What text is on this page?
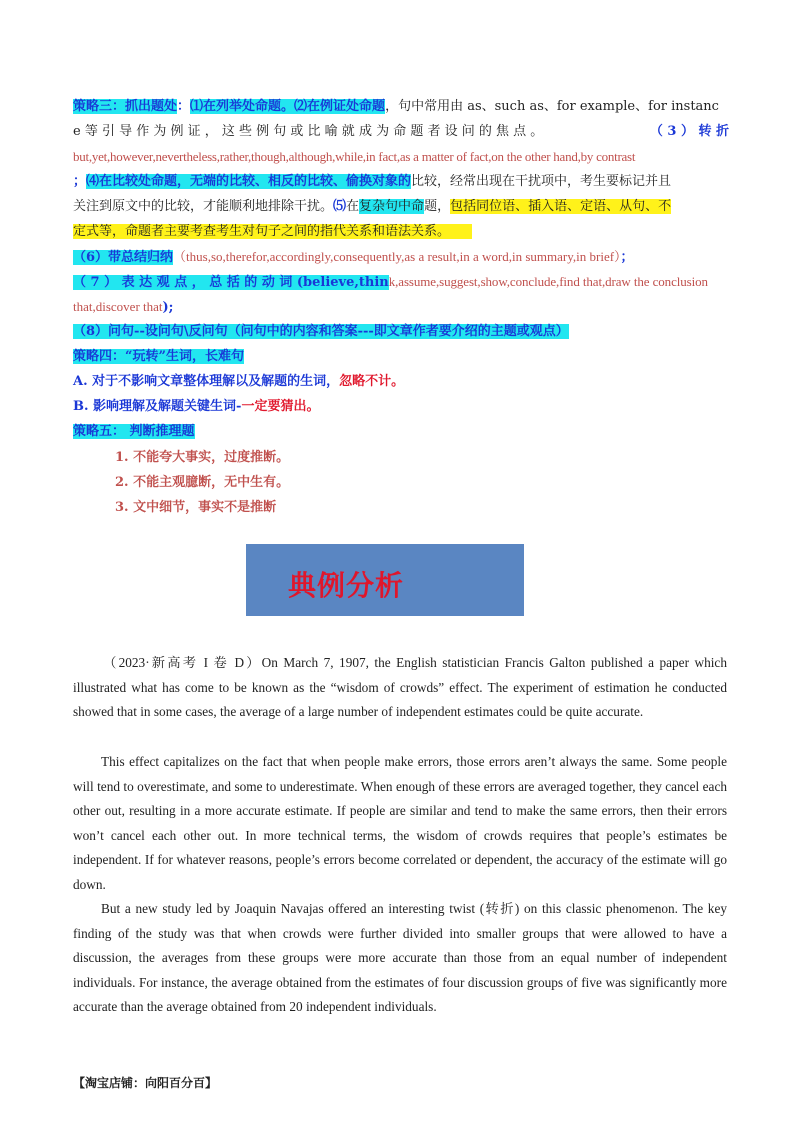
策略三：抓出题处：⑴在列举处命题。⑵在例证处命题，句中常用由 as、such as、for example、for instanc
e 等 引 导 作 为 例 证 ， 这 些 例 句 或 比 喻 就 成 为 命 题 者 设 问 的 焦 点 。	（ 3 ） 转 折
but,yet,however,nevertheless,rather,though,although,while,in fact,as a matter of fact,on the other hand,by contrast
；⑷在比较处命题，无端的比较、相反的比较、偷换对象的比较，经常出现在干扰项中，考生要标记并且
关注到原文中的比较，才能顺利地排除干扰。⑸在复杂句中命题，包括同位语、插入语、定语、从句、不
定式等，命题者主要考查考生对句子之间的指代关系和语法关系。
（6）带总结归纳（thus,so,therefor,accordingly,consequently,as a result,in a word,in summary,in brief）；
（ 7 ） 表 达 观 点 ， 总 括 的 动 词 (believe,think,assume,suggest,show,conclude,find that,draw the conclusion
that,discover that);
（8）问句--设问句\反问句（问句中的内容和答案---即文章作者要介绍的主题或观点）
策略四：“玩转”生词，长难句
A. 对于不影响文章整体理解以及解题的生词，忽略不计。
B. 影响理解及解题关键生词-一定要猜出。
策略五： 判断推理题
1. 不能夸大事实，过度推断。
2. 不能主观臆断，无中生有。
3. 文中细节，事实不是推断
典例分析
（2023·新高考 I 卷 D）On March 7, 1907, the English statistician Francis Galton published a paper which illustrated what has come to be known as the “wisdom of crowds” effect. The experiment of estimation he conducted showed that in some cases, the average of a large number of independent estimates could be quite accurate.
This effect capitalizes on the fact that when people make errors, those errors aren’t always the same. Some people will tend to overestimate, and some to underestimate. When enough of these errors are averaged together, they cancel each other out, resulting in a more accurate estimate. If people are similar and tend to make the same errors, then their errors won’t cancel each other out. In more technical terms, the wisdom of crowds requires that people’s estimates be independent. If for whatever reasons, people’s errors become correlated or dependent, the accuracy of the estimate will go down.
But a new study led by Joaquin Navajas offered an interesting twist (转折) on this classic phenomenon. The key finding of the study was that when crowds were further divided into smaller groups that were allowed to have a discussion, the averages from these groups were more accurate than those from an equal number of independent individuals. For instance, the average obtained from the estimates of four discussion groups of five was significantly more accurate than the average obtained from 20 independent individuals.
【淘宝店铺：向阳百分百】
